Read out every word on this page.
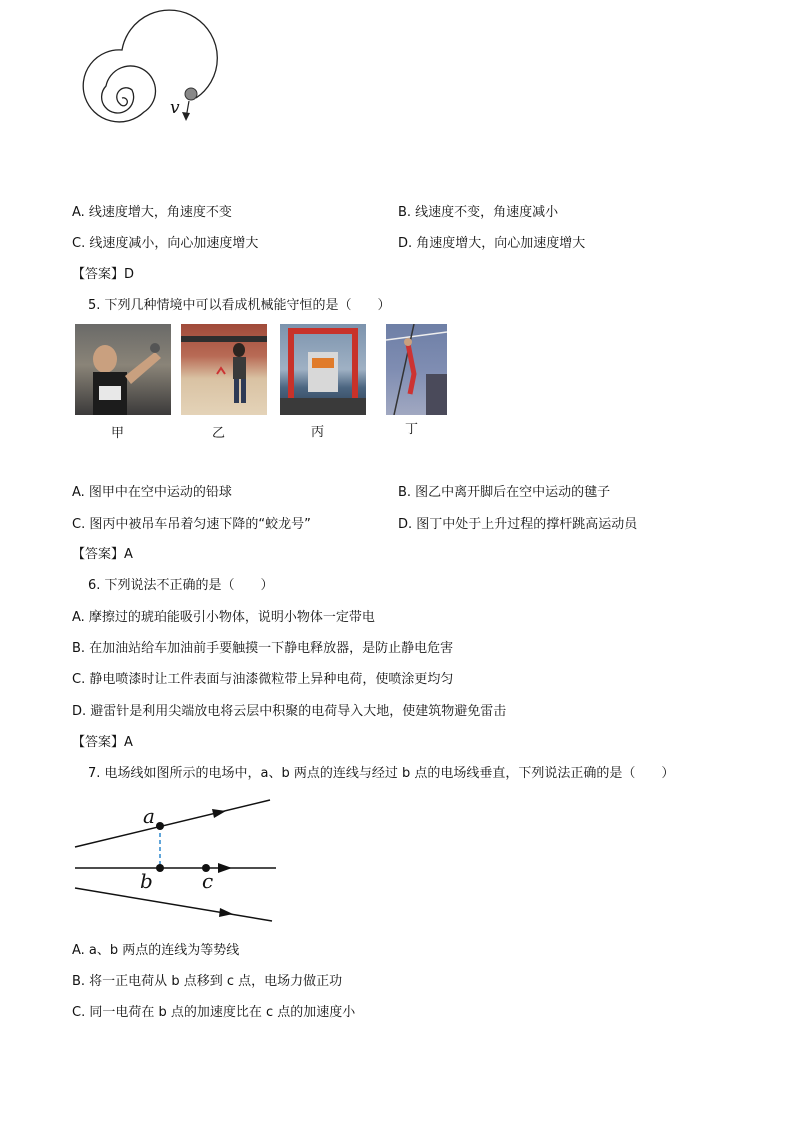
v
A. 线速度增大，角速度不变	B. 线速度不变，角速度减小
C. 线速度减小，向心加速度增大	D. 角速度增大，向心加速度增大
【答案】D
5. 下列几种情境中可以看成机械能守恒的是（　　）
甲	乙	丙	丁
A. 图甲中在空中运动的铅球	B. 图乙中离开脚后在空中运动的毽子
C. 图丙中被吊车吊着匀速下降的“蛟龙号”	D. 图丁中处于上升过程的撑杆跳高运动员
【答案】A
6. 下列说法不正确的是（　　）
A. 摩擦过的琥珀能吸引小物体，说明小物体一定带电
B. 在加油站给车加油前手要触摸一下静电释放器，是防止静电危害
C. 静电喷漆时让工件表面与油漆微粒带上异种电荷，使喷涂更均匀
D. 避雷针是利用尖端放电将云层中积聚的电荷导入大地，使建筑物避免雷击
【答案】A
7. 电场线如图所示的电场中，a、b 两点的连线与经过 b 点的电场线垂直，下列说法正确的是（　　）
a
b c
A. a、b 两点的连线为等势线
B. 将一正电荷从 b 点移到 c 点，电场力做正功
C. 同一电荷在 b 点的加速度比在 c 点的加速度小
